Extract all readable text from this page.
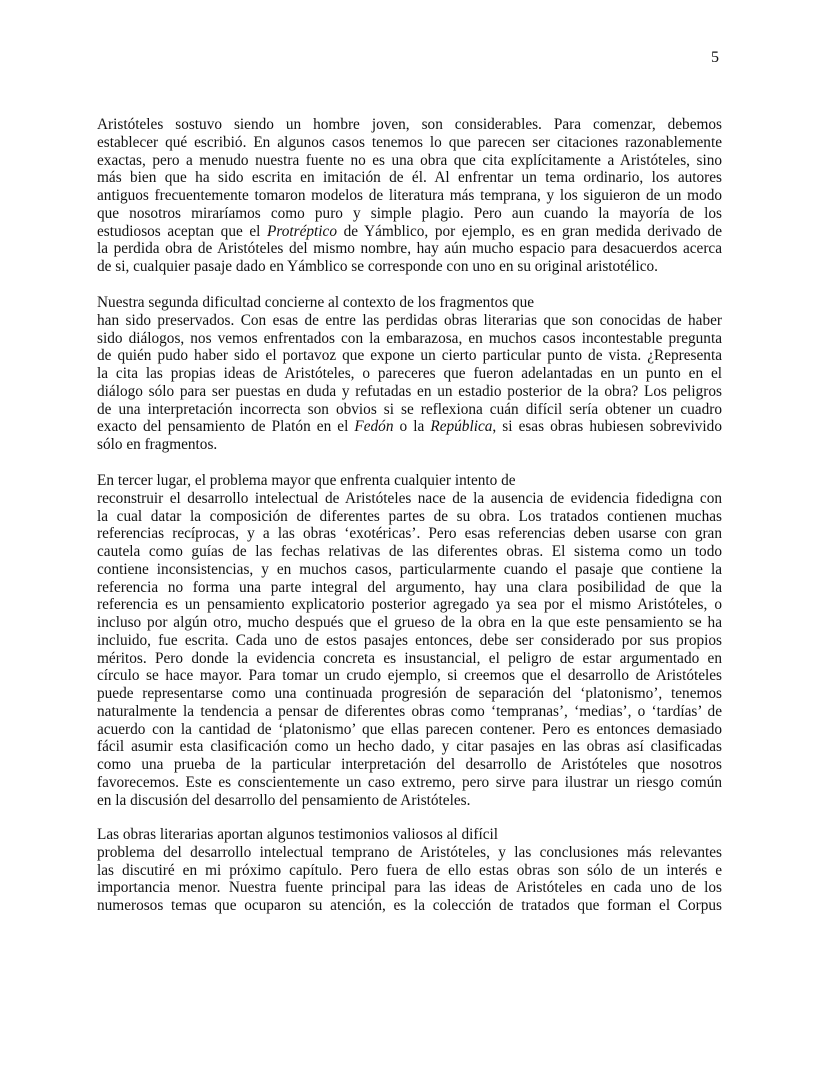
5
Aristóteles sostuvo siendo un hombre joven, son considerables. Para comenzar, debemos
establecer qué escribió. En algunos casos tenemos lo que parecen ser citaciones razonablemente
exactas, pero a menudo nuestra fuente no es una obra que cita explícitamente a Aristóteles, sino
más bien que ha sido escrita en imitación de él. Al enfrentar un tema ordinario, los autores
antiguos frecuentemente tomaron modelos de literatura más temprana, y los siguieron de un modo
que nosotros miraríamos como puro y simple plagio. Pero aun cuando la mayoría de los
estudiosos aceptan que el Protréptico de Yámblico, por ejemplo, es en gran medida derivado de
la perdida obra de Aristóteles del mismo nombre, hay aún mucho espacio para desacuerdos acerca
de si, cualquier pasaje dado en Yámblico se corresponde con uno en su original aristotélico.
Nuestra segunda dificultad concierne al contexto de los fragmentos que
han sido preservados. Con esas de entre las perdidas obras literarias que son conocidas de haber
sido diálogos, nos vemos enfrentados con la embarazosa, en muchos casos incontestable pregunta
de quién pudo haber sido el portavoz que expone un cierto particular punto de vista. ¿Representa
la cita las propias ideas de Aristóteles, o pareceres que fueron adelantadas en un punto en el
diálogo sólo para ser puestas en duda y refutadas en un estadio posterior de la obra? Los peligros
de una interpretación incorrecta son obvios si se reflexiona cuán difícil sería obtener un cuadro
exacto del pensamiento de Platón en el Fedón o la República, si esas obras hubiesen sobrevivido
sólo en fragmentos.
En tercer lugar, el problema mayor que enfrenta cualquier intento de
reconstruir el desarrollo intelectual de Aristóteles nace de la ausencia de evidencia fidedigna con
la cual datar la composición de diferentes partes de su obra. Los tratados contienen muchas
referencias recíprocas, y a las obras ‘exotéricas’. Pero esas referencias deben usarse con gran
cautela como guías de las fechas relativas de las diferentes obras. El sistema como un todo
contiene inconsistencias, y en muchos casos, particularmente cuando el pasaje que contiene la
referencia no forma una parte integral del argumento, hay una clara posibilidad de que la
referencia es un pensamiento explicatorio posterior agregado ya sea por el mismo Aristóteles, o
incluso por algún otro, mucho después que el grueso de la obra en la que este pensamiento se ha
incluido, fue escrita. Cada uno de estos pasajes entonces, debe ser considerado por sus propios
méritos. Pero donde la evidencia concreta es insustancial, el peligro de estar argumentado en
círculo se hace mayor. Para tomar un crudo ejemplo, si creemos que el desarrollo de Aristóteles
puede representarse como una continuada progresión de separación del ‘platonismo’, tenemos
naturalmente la tendencia a pensar de diferentes obras como ‘tempranas’, ‘medias’, o ‘tardías’ de
acuerdo con la cantidad de ‘platonismo’ que ellas parecen contener. Pero es entonces demasiado
fácil asumir esta clasificación como un hecho dado, y citar pasajes en las obras así clasificadas
como una prueba de la particular interpretación del desarrollo de Aristóteles que nosotros
favorecemos. Este es conscientemente un caso extremo, pero sirve para ilustrar un riesgo común
en la discusión del desarrollo del pensamiento de Aristóteles.
Las obras literarias aportan algunos testimonios valiosos al difícil
problema del desarrollo intelectual temprano de Aristóteles, y las conclusiones más relevantes
las discutiré en mi próximo capítulo. Pero fuera de ello estas obras son sólo de un interés e
importancia menor. Nuestra fuente principal para las ideas de Aristóteles en cada uno de los
numerosos temas que ocuparon su atención, es la colección de tratados que forman el Corpus
